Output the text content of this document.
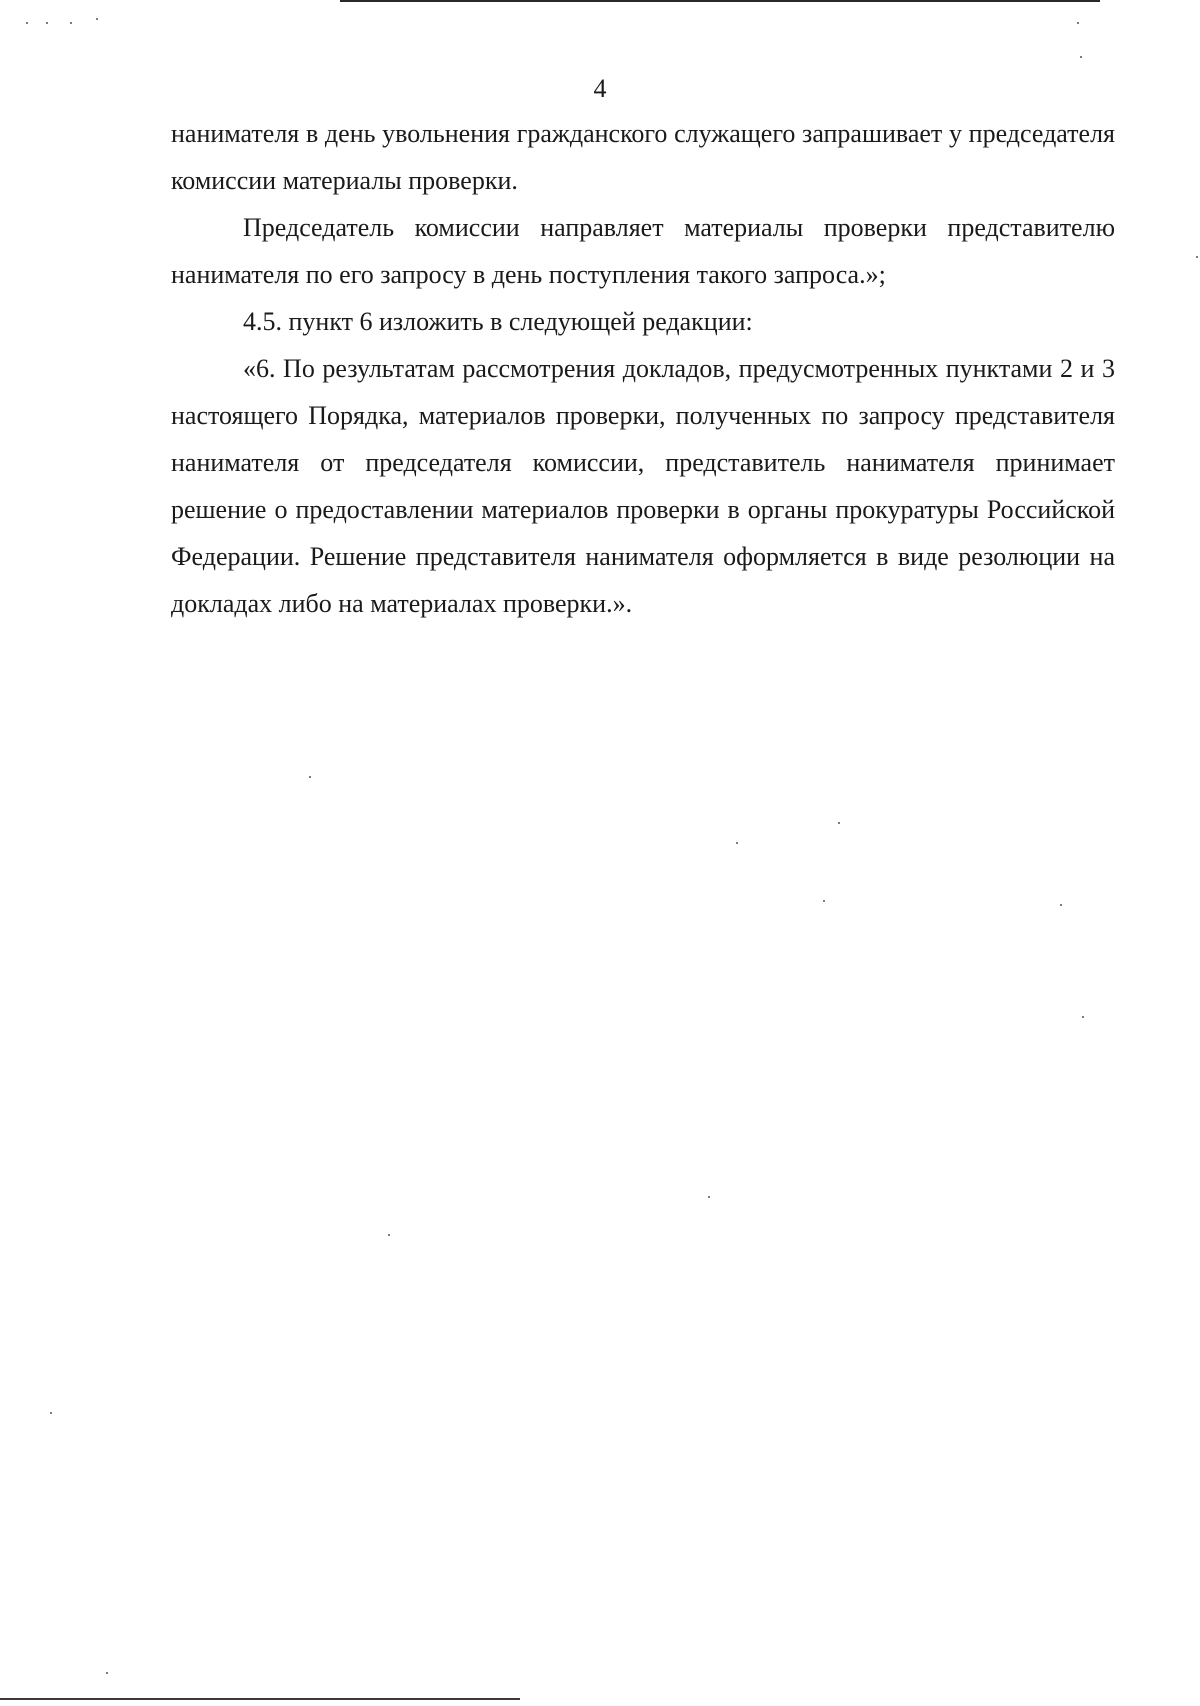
4

нанимателя в день увольнения гражданского служащего запрашивает у председателя комиссии материалы проверки.

Председатель комиссии направляет материалы проверки представителю нанимателя по его запросу в день поступления такого запроса.»;

4.5. пункт 6 изложить в следующей редакции:

«6. По результатам рассмотрения докладов, предусмотренных пунктами 2 и 3 настоящего Порядка, материалов проверки, полученных по запросу представителя нанимателя от председателя комиссии, представитель нанимателя принимает решение о предоставлении материалов проверки в органы прокуратуры Российской Федерации. Решение представителя нанимателя оформляется в виде резолюции на докладах либо на материалах проверки.».
